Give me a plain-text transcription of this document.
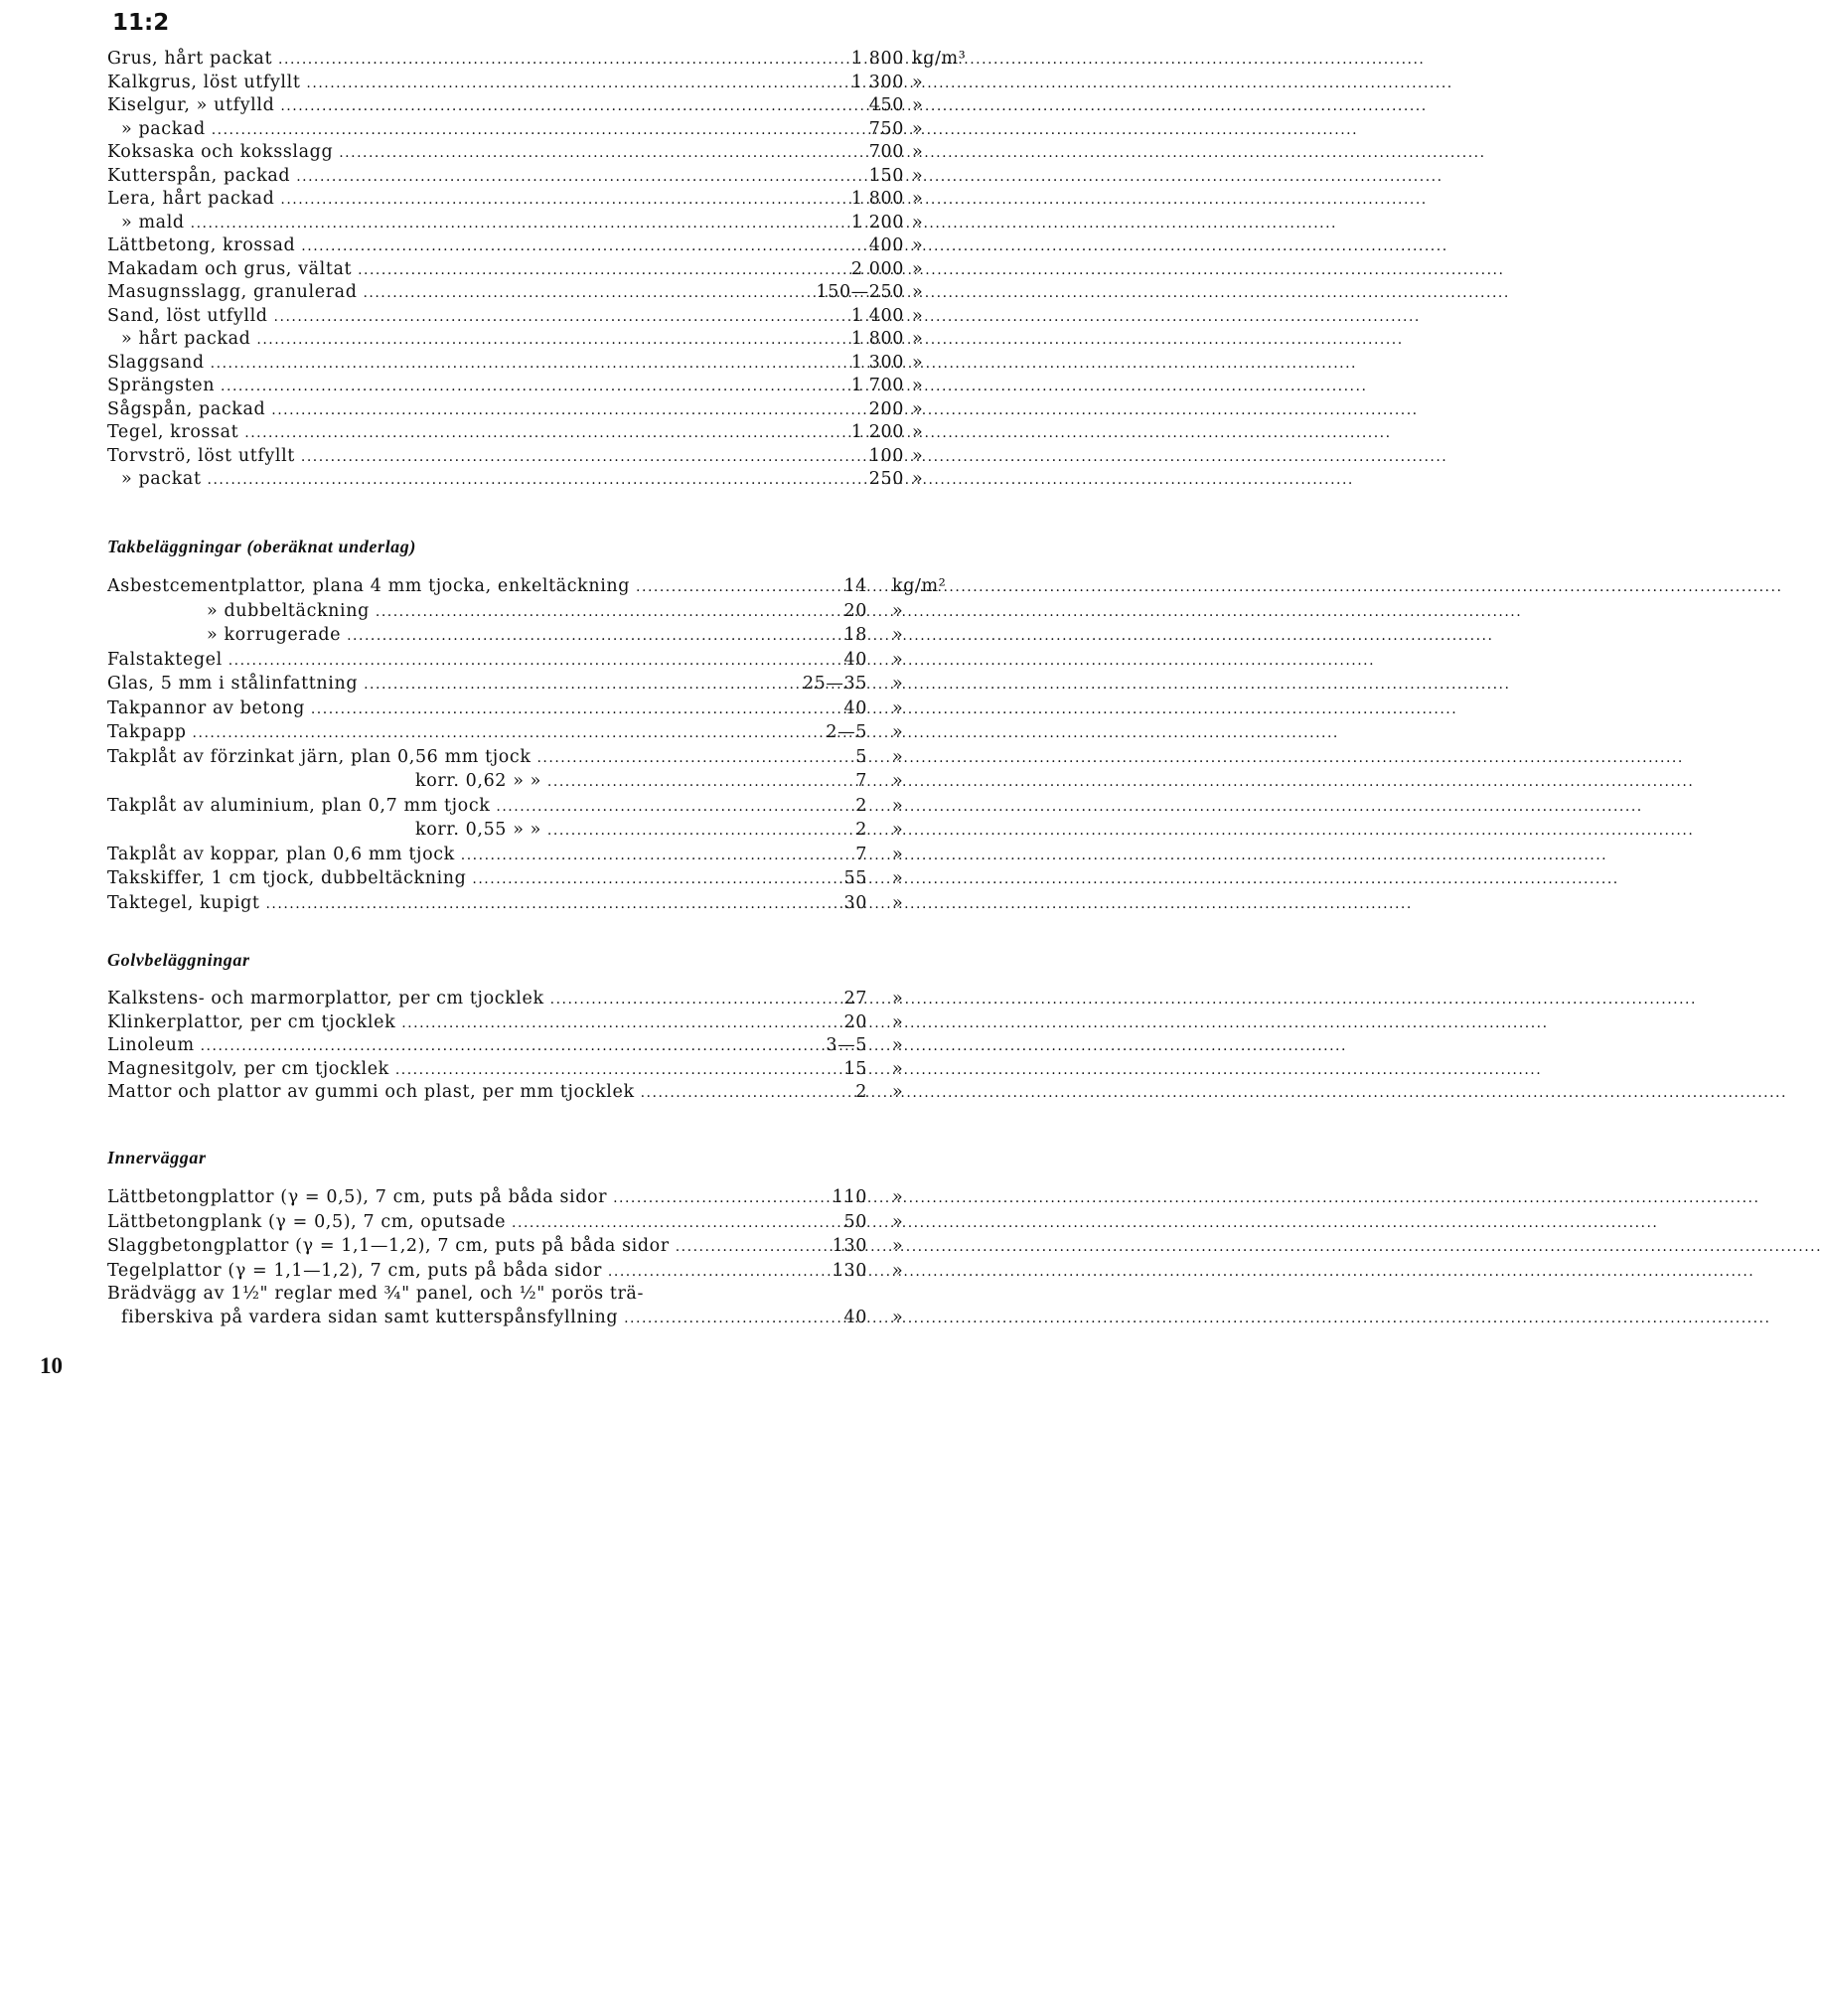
11:2
Grus, hårt packat .....	1 800 kg/m³
Kalkgrus, löst utfyllt .....	1 300 »
Kiselgur, » utfylld .....	450 »
» packad .....	750 »
Koksaska och koksslagg .....	700 »
Kutterspån, packad .....	150 »
Lera, hårt packad .....	1 800 »
» mald .....	1 200 »
Lättbetong, krossad .....	400 »
Makadam och grus, vältat .....	2 000 »
Masugnsslagg, granulerad .....	150—250 »
Sand, löst utfylld .....	1 400 »
» hårt packad .....	1 800 »
Slaggsand .....	1 300 »
Sprängsten .....	1 700 »
Sågspån, packad .....	200 »
Tegel, krossat .....	1 200 »
Torvströ, löst utfyllt .....	100 »
» packat .....	250 »
Takbeläggningar (oberäknat underlag)
Asbestcementplattor, plana 4 mm tjocka, enkeltäckning .....	14 kg/m²
» dubbeltäckning .....	20 »
» korrugerade .....	18 »
Falstaktegel .....	40 »
Glas, 5 mm i stålinfattning .....	25—35 »
Takpannor av betong .....	40 »
Takpapp .....	2—5 »
Takplåt av förzinkat järn, plan 0,56 mm tjock .....	5 »
korr. 0,62 » » .....	7 »
Takplåt av aluminium, plan 0,7 mm tjock .....	2 »
korr. 0,55 » » .....	2 »
Takplåt av koppar, plan 0,6 mm tjock .....	7 »
Takskiffer, 1 cm tjock, dubbeltäckning .....	55 »
Taktegel, kupigt .....	30 »
Golvbeläggningar
Kalkstens- och marmorplattor, per cm tjocklek .....	27 »
Klinkerplattor, per cm tjocklek .....	20 »
Linoleum .....	3—5 »
Magnesitgolv, per cm tjocklek .....	15 »
Mattor och plattor av gummi och plast, per mm tjocklek .....	2 »
Innerväggar
Lättbetongplattor (γ = 0,5), 7 cm, puts på båda sidor .....	110 »
Lättbetongplank (γ = 0,5), 7 cm, oputsade .....	50 »
Slaggbetongplattor (γ = 1,1—1,2), 7 cm, puts på båda sidor .....	130 »
Tegelplattor (γ = 1,1—1,2), 7 cm, puts på båda sidor .....	130 »
Brädvägg av 1½" reglar med ¾" panel, och ½" porös trä-
fiberskiva på vardera sidan samt kutterspånsfyllning .....	40 »
10
